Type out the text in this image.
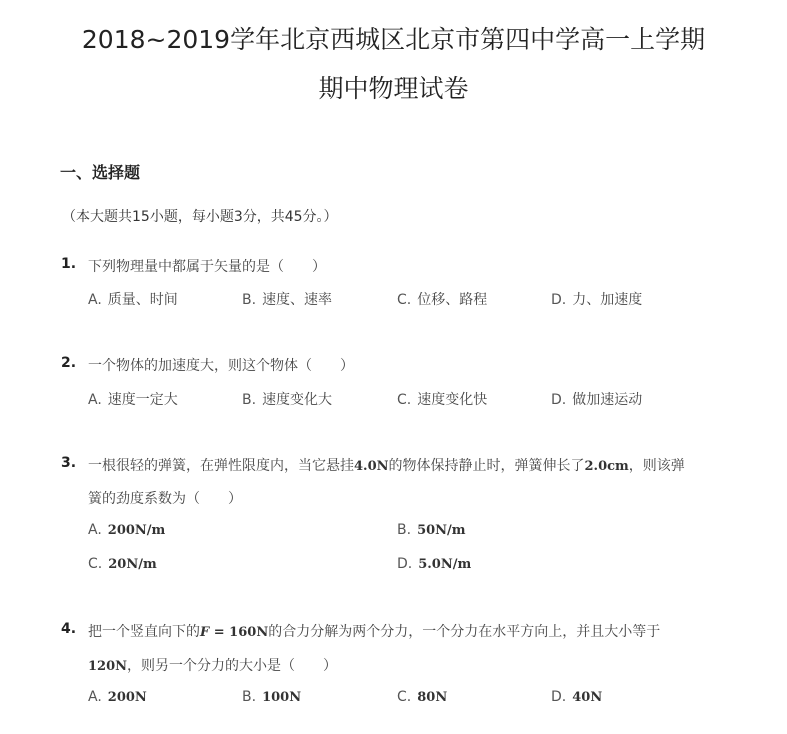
2018~2019学年北京西城区北京市第四中学高一上学期
期中物理试卷
一、选择题
（本大题共15小题，每小题3分，共45分。）
1. 下列物理量中都属于矢量的是（　　）
A. 质量、时间	B. 速度、速率	C. 位移、路程	D. 力、加速度
2. 一个物体的加速度大，则这个物体（　　）
A. 速度一定大	B. 速度变化大	C. 速度变化快	D. 做加速运动
3. 一根很轻的弹簧，在弹性限度内，当它悬挂4.0N的物体保持静止时，弹簧伸长了2.0cm，则该弹
簧的劲度系数为（　　）
A. 200N/m	B. 50N/m
C. 20N/m	D. 5.0N/m
4. 把一个竖直向下的F = 160N的合力分解为两个分力，一个分力在水平方向上，并且大小等于
120N，则另一个分力的大小是（　　）
A. 200N	B. 100N	C. 80N	D. 40N
